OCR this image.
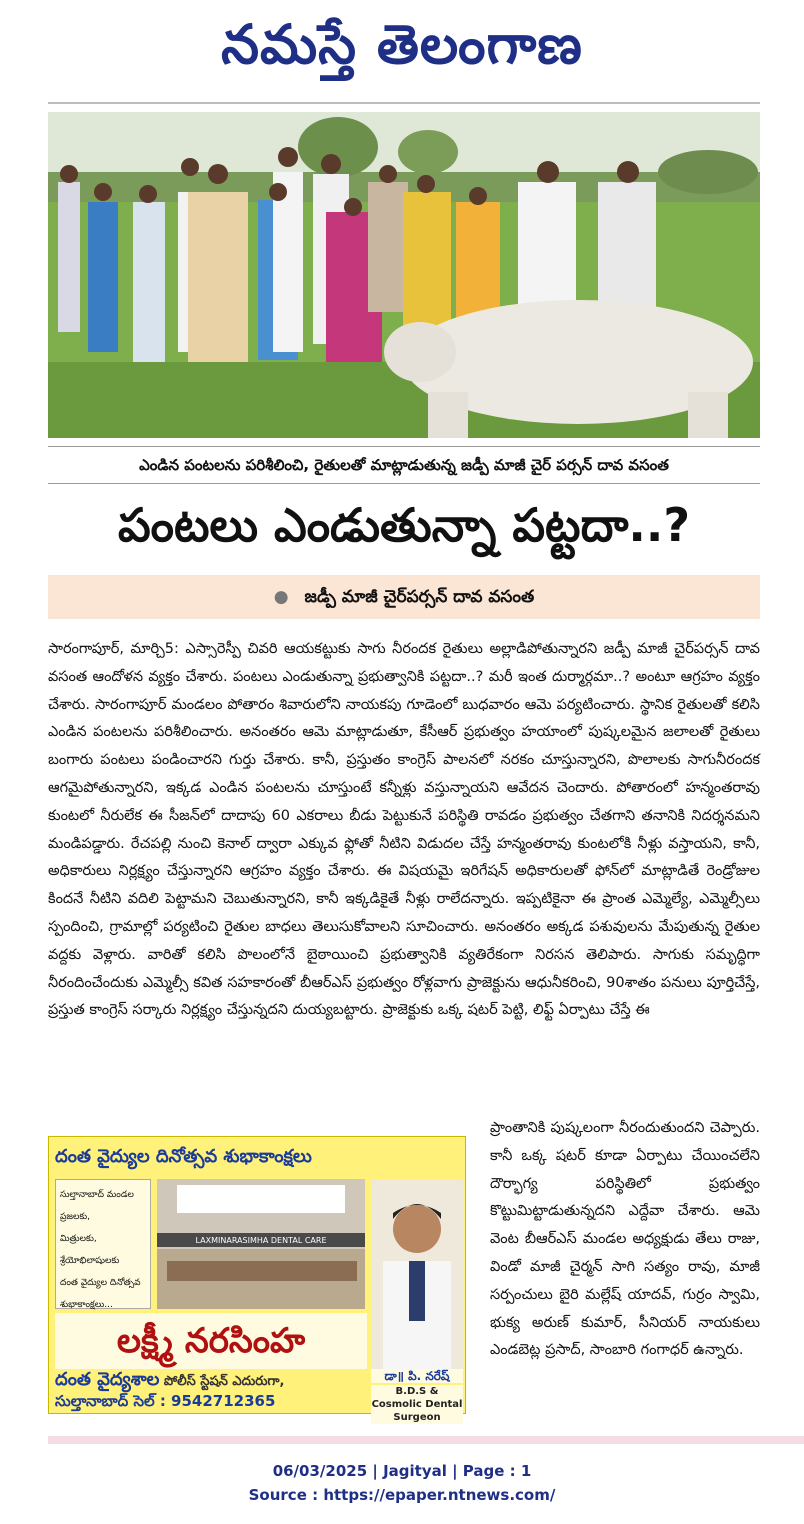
నమస్తే తెలంగాణ
ఎండిన పంటలను పరిశీలించి, రైతులతో మాట్లాడుతున్న జడ్పీ మాజీ చైర్ పర్సన్ దావ వసంత
పంటలు ఎండుతున్నా పట్టదా..?
● జడ్పీ మాజీ చైర్‌పర్సన్ దావ వసంత

సారంగాపూర్, మార్చి5: ఎస్సారెస్పీ చివరి ఆయకట్టుకు సాగు నీరందక రైతులు అల్లాడిపోతున్నారని జడ్పీ మాజీ చైర్‌పర్సన్ దావ వసంత ఆందోళన వ్యక్తం చేశారు. పంటలు ఎండుతున్నా ప్రభుత్వానికి పట్టదా..? మరీ ఇంత దుర్మార్గమా..? అంటూ ఆగ్రహం వ్యక్తం చేశారు. సారంగాపూర్ మండలం పోతారం శివారులోని నాయకపు గూడెంలో బుధవారం ఆమె పర్యటించారు. స్థానిక రైతులతో కలిసి ఎండిన పంటలను పరిశీలించారు. అనంతరం ఆమె మాట్లాడుతూ, కేసీఆర్ ప్రభుత్వం హయాంలో పుష్కలమైన జలాలతో రైతులు బంగారు పంటలు పండించారని గుర్తు చేశారు. కానీ, ప్రస్తుతం కాంగ్రెస్ పాలనలో నరకం చూస్తున్నారని, పొలాలకు సాగునీరందక ఆగమైపోతున్నారని, ఇక్కడ ఎండిన పంటలను చూస్తుంటే కన్నీళ్లు వస్తున్నాయని ఆవేదన చెందారు. పోతారంలో హన్మంతరావు కుంటలో నీరులేక ఈ సీజన్‌లో దాదాపు 60 ఎకరాలు బీడు పెట్టుకునే పరిస్థితి రావడం ప్రభుత్వం చేతగాని తనానికి నిదర్శనమని మండిపడ్డారు. రేచపల్లి నుంచి కెనాల్ ద్వారా ఎక్కువ ఫ్లోతో నీటిని విడుదల చేస్తే హన్మంతరావు కుంటలోకి నీళ్లు వస్తాయని, కానీ, అధికారులు నిర్లక్ష్యం చేస్తున్నారని ఆగ్రహం వ్యక్తం చేశారు. ఈ విషయమై ఇరిగేషన్ అధికారులతో ఫోన్‌లో మాట్లాడితే రెండ్రోజుల కిందనే నీటిని వదిలి పెట్టామని చెబుతున్నారని, కానీ ఇక్కడికైతే నీళ్లు రాలేదన్నారు. ఇప్పటికైనా ఈ ప్రాంత ఎమ్మెల్యే, ఎమ్మెల్సీలు స్పందించి, గ్రామాల్లో పర్యటించి రైతుల బాధలు తెలుసుకోవాలని సూచించారు. అనంతరం అక్కడ పశువులను మేపుతున్న రైతుల వద్దకు వెళ్లారు. వారితో కలిసి పొలంలోనే బైఠాయించి ప్రభుత్వానికి వ్యతిరేకంగా నిరసన తెలిపారు. సాగుకు సమృద్ధిగా నీరందించేందుకు ఎమ్మెల్సీ కవిత సహకారంతో బీఆర్‌ఎస్ ప్రభుత్వం రోళ్లవాగు ప్రాజెక్టును ఆధునీకరించి, 90శాతం పనులు పూర్తిచేస్తే, ప్రస్తుత కాంగ్రెస్ సర్కారు నిర్లక్ష్యం చేస్తున్నదని దుయ్యబట్టారు. ప్రాజెక్టుకు ఒక్క షటర్ పెట్టి, లిఫ్ట్ ఏర్పాటు చేస్తే ఈ

ప్రాంతానికి పుష్కలంగా నీరందుతుందని చెప్పారు. కానీ ఒక్క షటర్ కూడా ఏర్పాటు చేయించలేని దౌర్భాగ్య పరిస్థితిలో ప్రభుత్వం కొట్టుమిట్టాడుతున్నదని ఎద్దేవా చేశారు. ఆమె వెంట బీఆర్‌ఎస్ మండల అధ్యక్షుడు తేలు రాజు, విండో మాజీ చైర్మన్ సాగి సత్యం రావు, మాజీ సర్పంచులు బైరి మల్లేష్ యాదవ్, గుర్రం స్వామి, భుక్య అరుణ్ కుమార్, సీనియర్ నాయకులు ఎండబెట్ల ప్రసాద్, సాంబారి గంగాధర్ ఉన్నారు.

దంత వైద్యుల దినోత్సవ శుభాకాంక్షలు
సుల్తానాబాద్ మండల ప్రజలకు,
మిత్రులకు, శ్రేయోభిలాషులకు
దంత వైద్యుల దినోత్సవ
శుభాకాంక్షలు...
LAXMINARASIMHA DENTAL CARE
లక్ష్మీ నరసింహ
దంత వైద్యశాల పోలీస్ స్టేషన్ ఎదురుగా,
సుల్తానాబాద్ సెల్ : 9542712365
డా॥ పి. నరేష్
B.D.S &
Cosmolic Dental Surgeon
06/03/2025 | Jagityal | Page : 1
Source : https://epaper.ntnews.com/
